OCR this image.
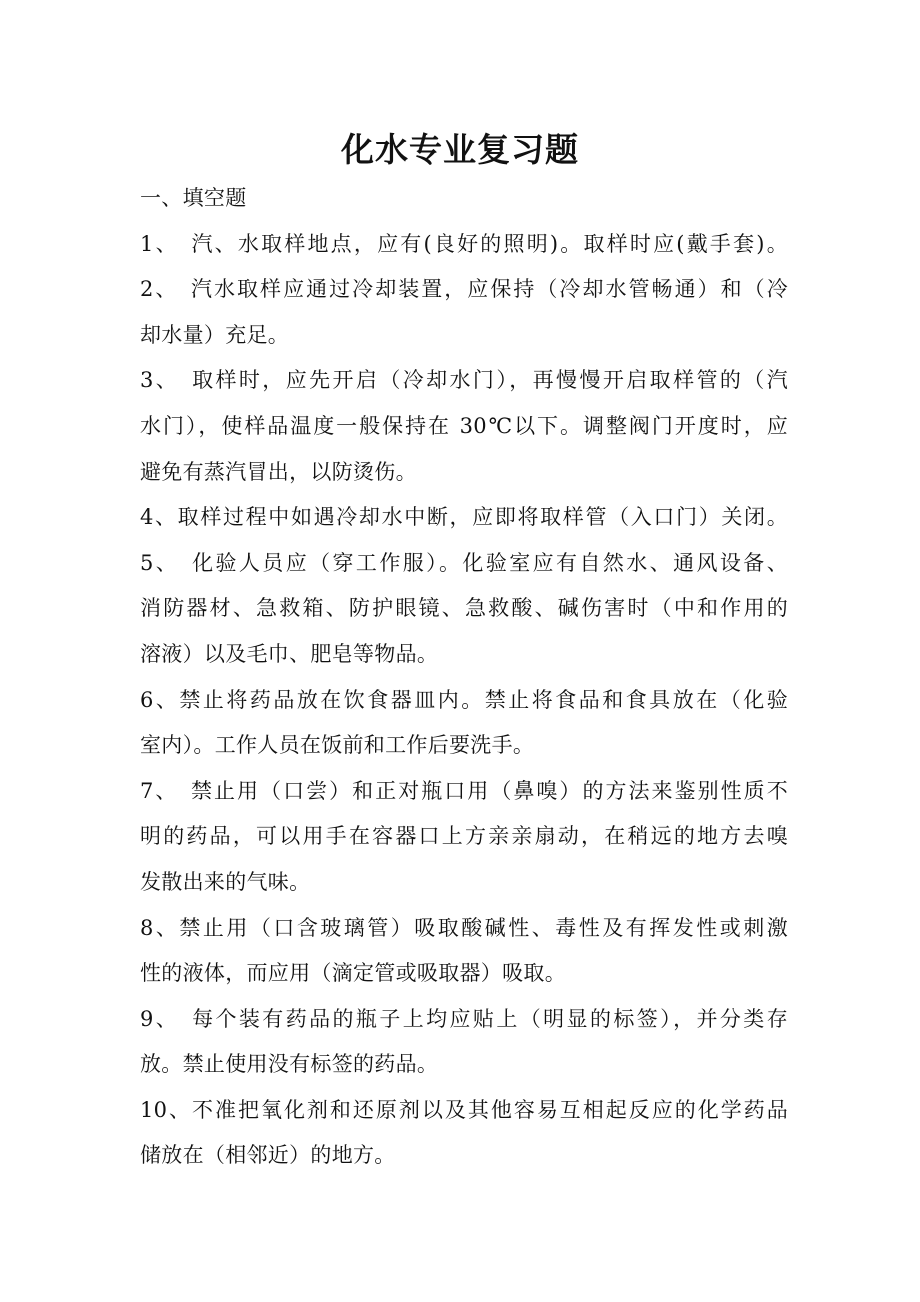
化水专业复习题
一、填空题
1、　汽、水取样地点，应有(良好的照明)。取样时应(戴手套)。
2、　汽水取样应通过冷却装置，应保持（冷却水管畅通）和（冷
却水量）充足。
3、　取样时，应先开启（冷却水门），再慢慢开启取样管的（汽
水门），使样品温度一般保持在 30℃以下。调整阀门开度时，应
避免有蒸汽冒出，以防烫伤。
4、取样过程中如遇冷却水中断，应即将取样管（入口门）关闭。
5、　化验人员应（穿工作服）。化验室应有自然水、通风设备、
消防器材、急救箱、防护眼镜、急救酸、碱伤害时（中和作用的
溶液）以及毛巾、肥皂等物品。
6、禁止将药品放在饮食器皿内。禁止将食品和食具放在（化验
室内）。工作人员在饭前和工作后要洗手。
7、　禁止用（口尝）和正对瓶口用（鼻嗅）的方法来鉴别性质不
明的药品，可以用手在容器口上方亲亲扇动，在稍远的地方去嗅
发散出来的气味。
8、禁止用（口含玻璃管）吸取酸碱性、毒性及有挥发性或刺激
性的液体，而应用（滴定管或吸取器）吸取。
9、　每个装有药品的瓶子上均应贴上（明显的标签），并分类存
放。禁止使用没有标签的药品。
10、不准把氧化剂和还原剂以及其他容易互相起反应的化学药品
储放在（相邻近）的地方。
